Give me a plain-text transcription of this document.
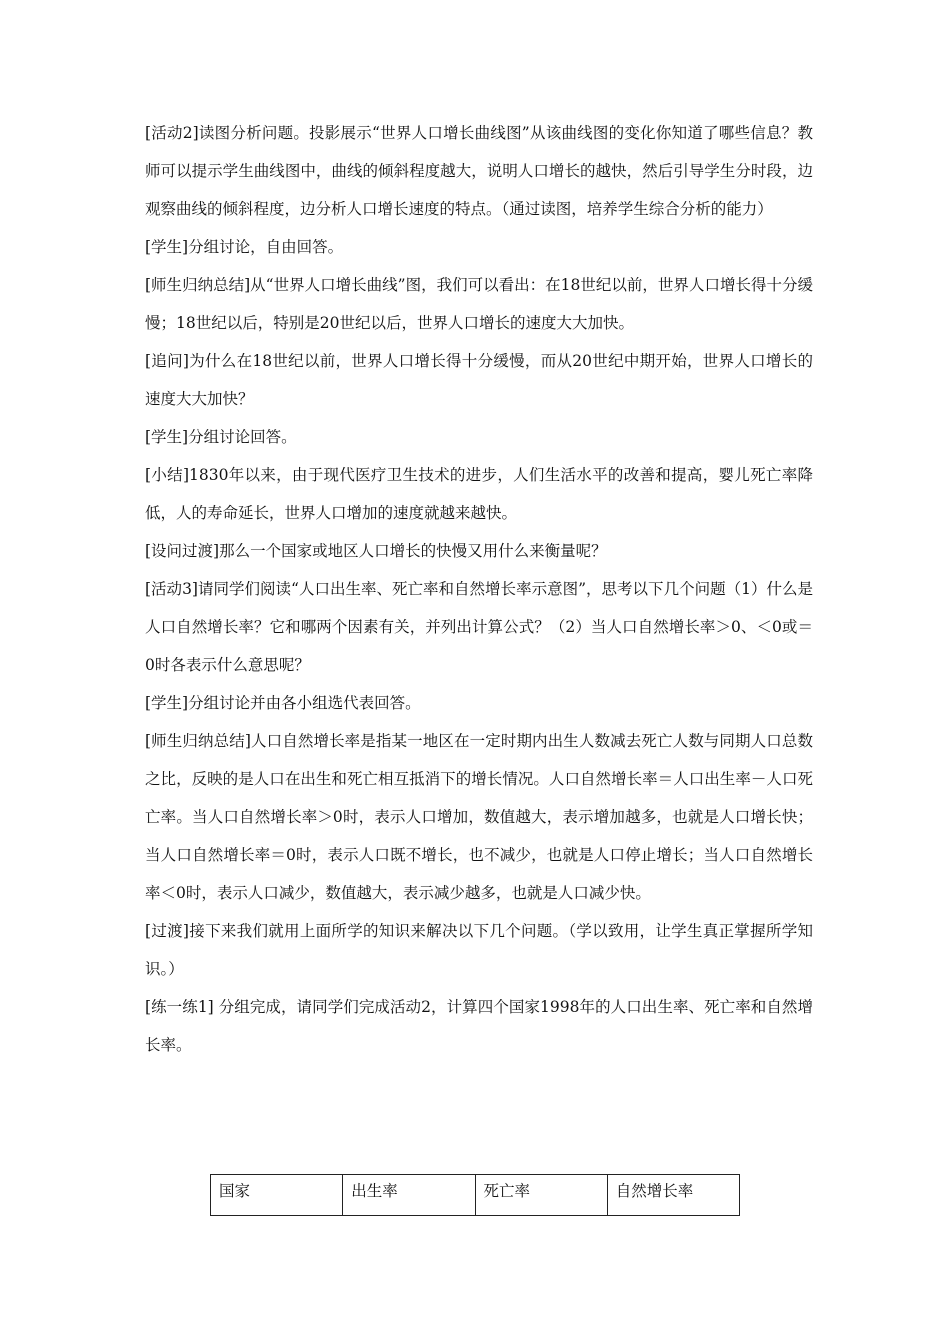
[活动2]读图分析问题。投影展示“世界人口增长曲线图”从该曲线图的变化你知道了哪些信息？教师可以提示学生曲线图中，曲线的倾斜程度越大，说明人口增长的越快，然后引导学生分时段，边观察曲线的倾斜程度，边分析人口增长速度的特点。（通过读图，培养学生综合分析的能力）

[学生]分组讨论，自由回答。

[师生归纳总结]从“世界人口增长曲线”图，我们可以看出：在18世纪以前，世界人口增长得十分缓慢；18世纪以后，特别是20世纪以后，世界人口增长的速度大大加快。

[追问]为什么在18世纪以前，世界人口增长得十分缓慢，而从20世纪中期开始，世界人口增长的速度大大加快？

[学生]分组讨论回答。

[小结]1830年以来，由于现代医疗卫生技术的进步，人们生活水平的改善和提高，婴儿死亡率降低，人的寿命延长，世界人口增加的速度就越来越快。

[设问过渡]那么一个国家或地区人口增长的快慢又用什么来衡量呢？

[活动3]请同学们阅读“人口出生率、死亡率和自然增长率示意图”，思考以下几个问题（1）什么是人口自然增长率？它和哪两个因素有关，并列出计算公式？（2）当人口自然增长率＞0、＜0或＝0时各表示什么意思呢？

[学生]分组讨论并由各小组选代表回答。

[师生归纳总结]人口自然增长率是指某一地区在一定时期内出生人数减去死亡人数与同期人口总数之比，反映的是人口在出生和死亡相互抵消下的增长情况。人口自然增长率＝人口出生率－人口死亡率。当人口自然增长率＞0时，表示人口增加，数值越大，表示增加越多，也就是人口增长快；当人口自然增长率＝0时，表示人口既不增长，也不减少，也就是人口停止增长；当人口自然增长率＜0时，表示人口减少，数值越大，表示减少越多，也就是人口减少快。

[过渡]接下来我们就用上面所学的知识来解决以下几个问题。（学以致用，让学生真正掌握所学知识。）

[练一练1] 分组完成，请同学们完成活动2，计算四个国家1998年的人口出生率、死亡率和自然增长率。

国家	出生率	死亡率	自然增长率
